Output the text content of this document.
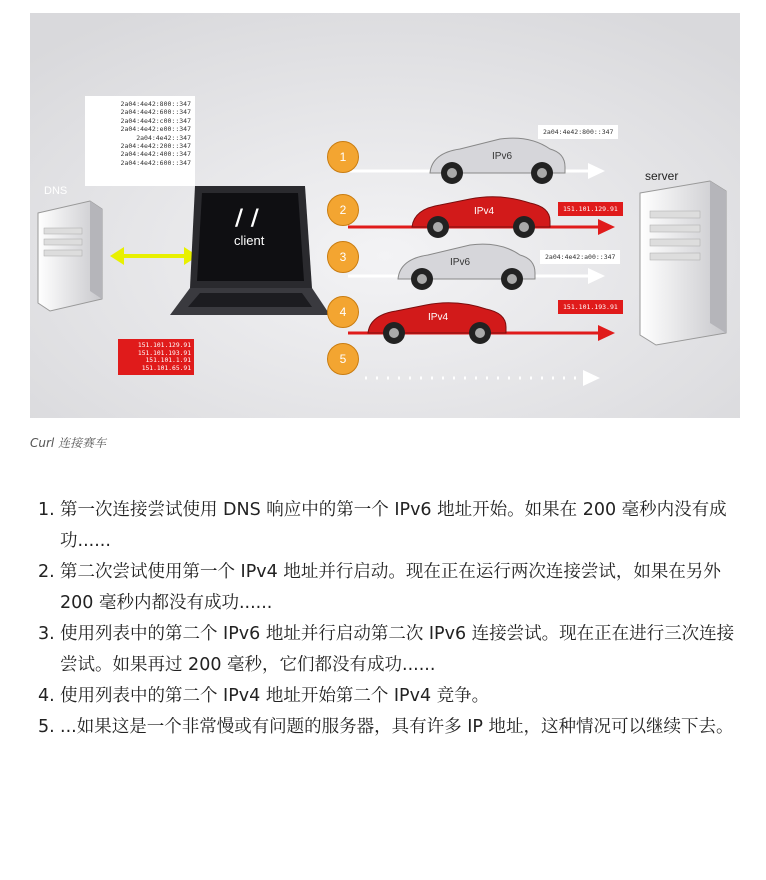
/ /
2a04:4e42:800::347
2a04:4e42:600::347
2a04:4e42:c00::347
2a04:4e42:e00::347
2a04:4e42::347
2a04:4e42:200::347
2a04:4e42:400::347
2a04:4e42:600::347
151.101.129.91
151.101.193.91
151.101.1.91
151.101.65.91
DNS
client
server
1
2
3
4
5
IPv6
IPv4
IPv6
IPv4
2a04:4e42:800::347
151.101.129.91
2a04:4e42:a00::347
151.101.193.91
Curl 连接赛车
1. 第一次连接尝试使用 DNS 响应中的第一个 IPv6 地址开始。如果在 200 毫秒内没有成功......
2. 第二次尝试使用第一个 IPv4 地址并行启动。现在正在运行两次连接尝试，如果在另外 200 毫秒内都没有成功......
3. 使用列表中的第二个 IPv6 地址并行启动第二次 IPv6 连接尝试。现在正在进行三次连接尝试。如果再过 200 毫秒，它们都没有成功......
4. 使用列表中的第二个 IPv4 地址开始第二个 IPv4 竞争。
5. ...如果这是一个非常慢或有问题的服务器，具有许多 IP 地址，这种情况可以继续下去。
